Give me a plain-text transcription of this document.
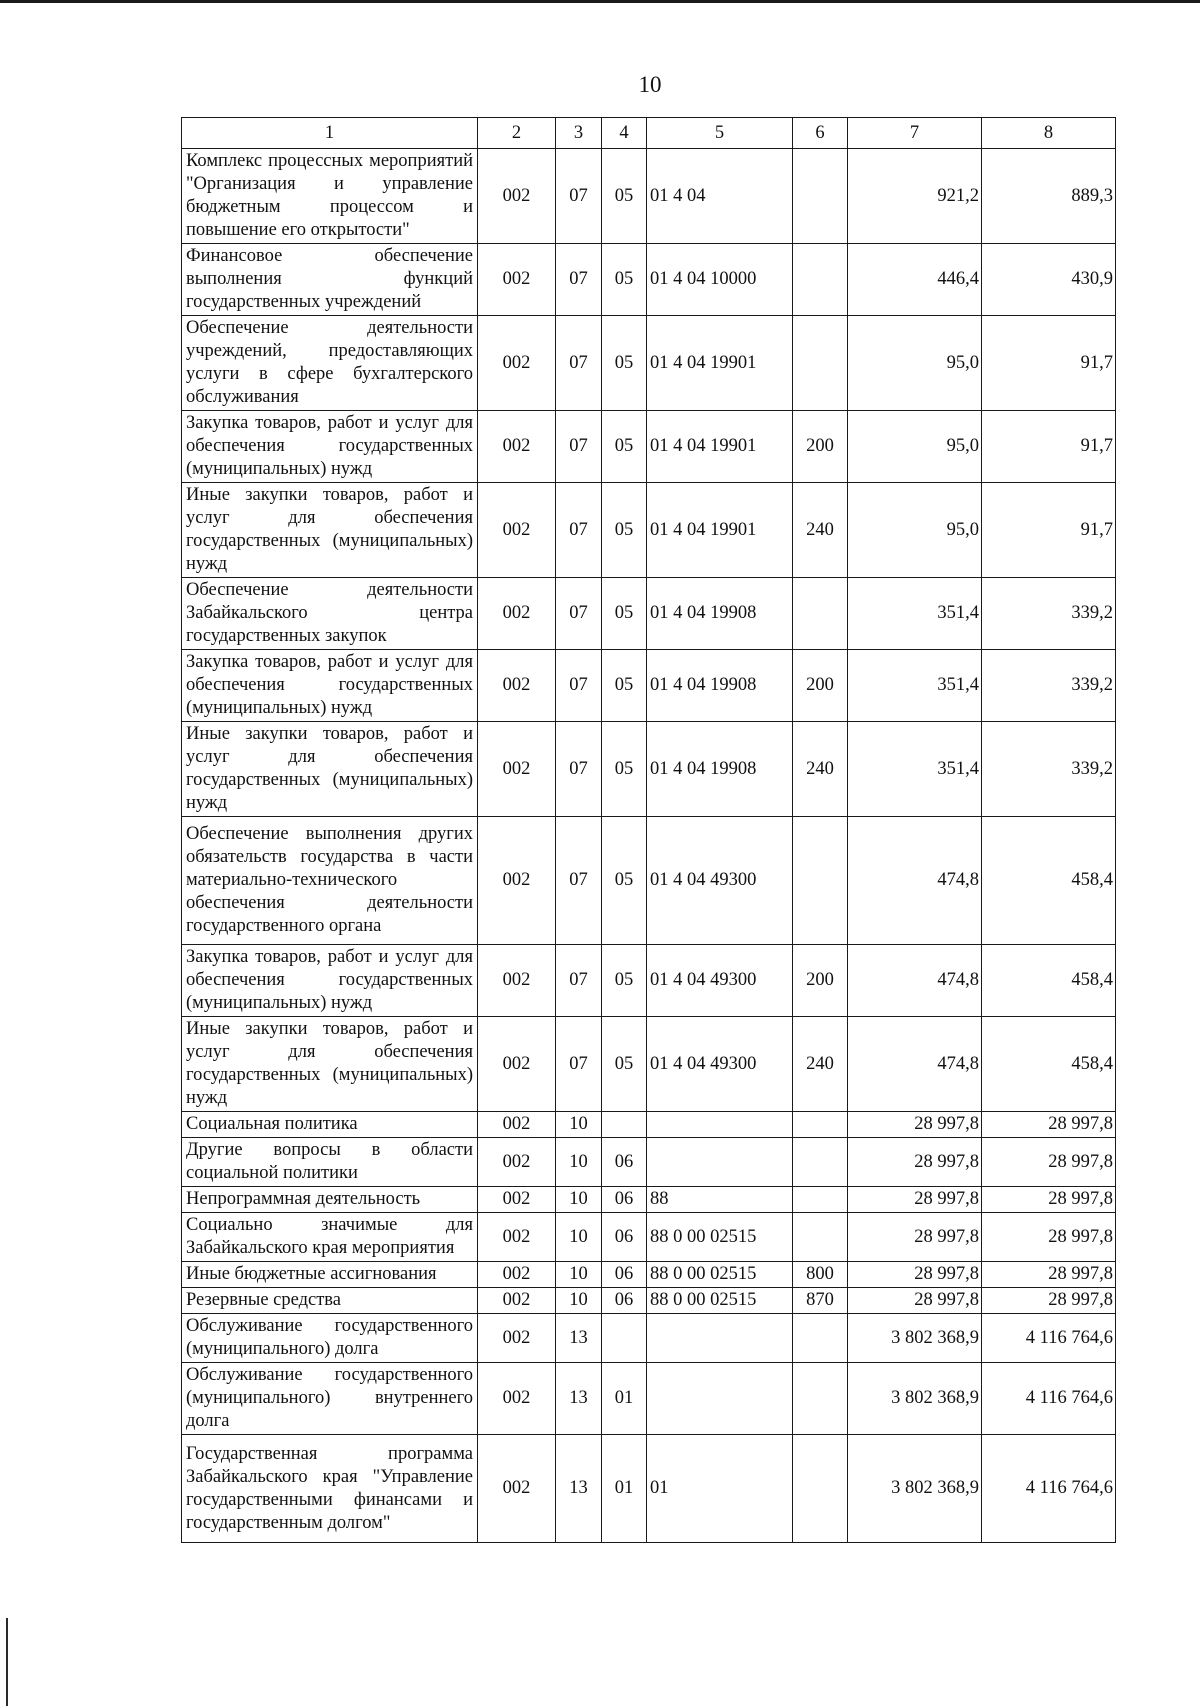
10
1	2	3	4	5	6	7	8
Комплекс процессных мероприятий "Организация и управление бюджетным процессом и повышение его открытости"	002	07	05	01 4 04		921,2	889,3
Финансовое обеспечение выполнения функций государственных учреждений	002	07	05	01 4 04 10000		446,4	430,9
Обеспечение деятельности учреждений, предоставляющих услуги в сфере бухгалтерского обслуживания	002	07	05	01 4 04 19901		95,0	91,7
Закупка товаров, работ и услуг для обеспечения государственных (муниципальных) нужд	002	07	05	01 4 04 19901	200	95,0	91,7
Иные закупки товаров, работ и услуг для обеспечения государственных (муниципальных) нужд	002	07	05	01 4 04 19901	240	95,0	91,7
Обеспечение деятельности Забайкальского центра государственных закупок	002	07	05	01 4 04 19908		351,4	339,2
Закупка товаров, работ и услуг для обеспечения государственных (муниципальных) нужд	002	07	05	01 4 04 19908	200	351,4	339,2
Иные закупки товаров, работ и услуг для обеспечения государственных (муниципальных) нужд	002	07	05	01 4 04 19908	240	351,4	339,2
Обеспечение выполнения других обязательств государства в части материально-технического обеспечения деятельности государственного органа	002	07	05	01 4 04 49300		474,8	458,4
Закупка товаров, работ и услуг для обеспечения государственных (муниципальных) нужд	002	07	05	01 4 04 49300	200	474,8	458,4
Иные закупки товаров, работ и услуг для обеспечения государственных (муниципальных) нужд	002	07	05	01 4 04 49300	240	474,8	458,4
Социальная политика	002	10				28 997,8	28 997,8
Другие вопросы в области социальной политики	002	10	06			28 997,8	28 997,8
Непрограммная деятельность	002	10	06	88		28 997,8	28 997,8
Социально значимые для Забайкальского края мероприятия	002	10	06	88 0 00 02515		28 997,8	28 997,8
Иные бюджетные ассигнования	002	10	06	88 0 00 02515	800	28 997,8	28 997,8
Резервные средства	002	10	06	88 0 00 02515	870	28 997,8	28 997,8
Обслуживание государственного (муниципального) долга	002	13				3 802 368,9	4 116 764,6
Обслуживание государственного (муниципального) внутреннего долга	002	13	01			3 802 368,9	4 116 764,6
Государственная программа Забайкальского края "Управление государственными финансами и государственным долгом"	002	13	01	01		3 802 368,9	4 116 764,6
